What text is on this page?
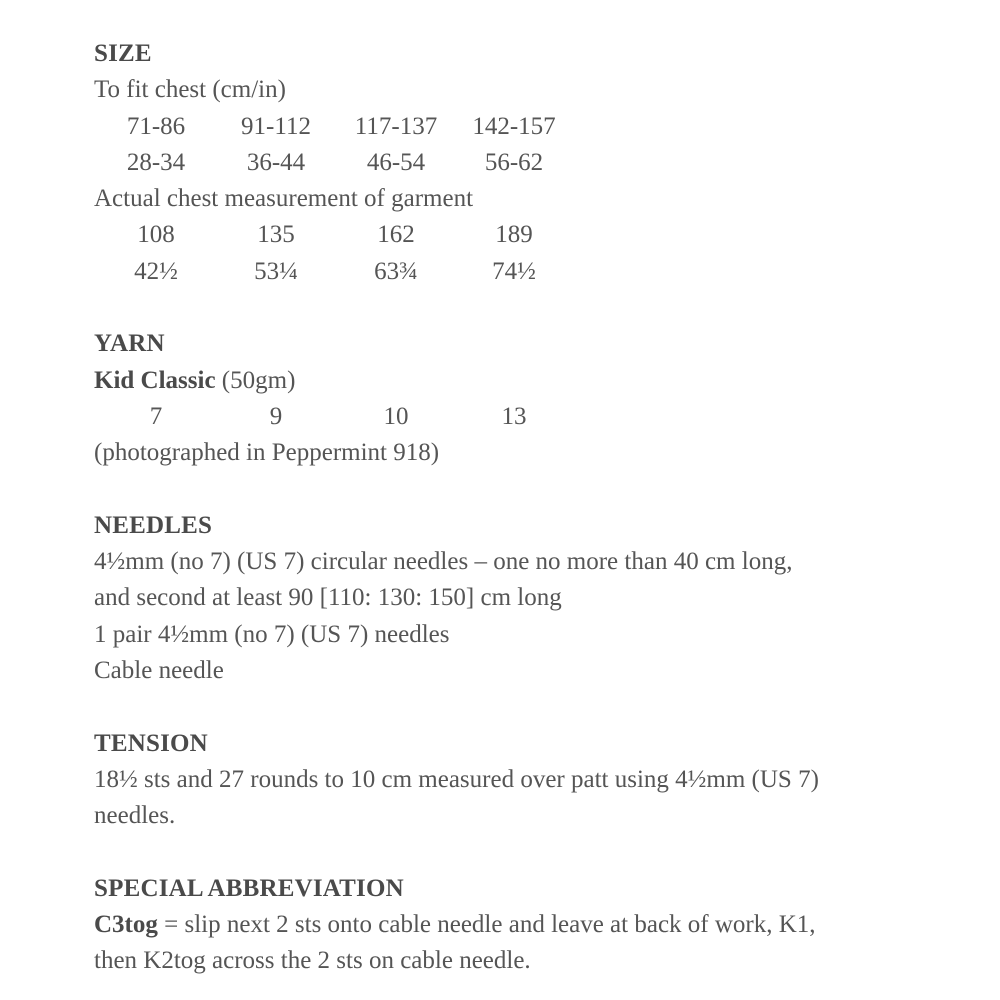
SIZE
To fit chest (cm/in)
71-86 91-112 117-137 142-157
28-34 36-44 46-54 56-62
Actual chest measurement of garment
108	135	162	189
42½	53¼	63¾	74½
YARN
Kid Classic (50gm)
7	9	10	13
(photographed in Peppermint 918)
NEEDLES
4½mm (no 7) (US 7) circular needles – one no more than 40 cm long,
and second at least 90 [110: 130: 150] cm long
1 pair 4½mm (no 7) (US 7) needles
Cable needle
TENSION
18½ sts and 27 rounds to 10 cm measured over patt using 4½mm (US 7)
needles.
SPECIAL ABBREVIATION
C3tog = slip next 2 sts onto cable needle and leave at back of work, K1,
then K2tog across the 2 sts on cable needle.
